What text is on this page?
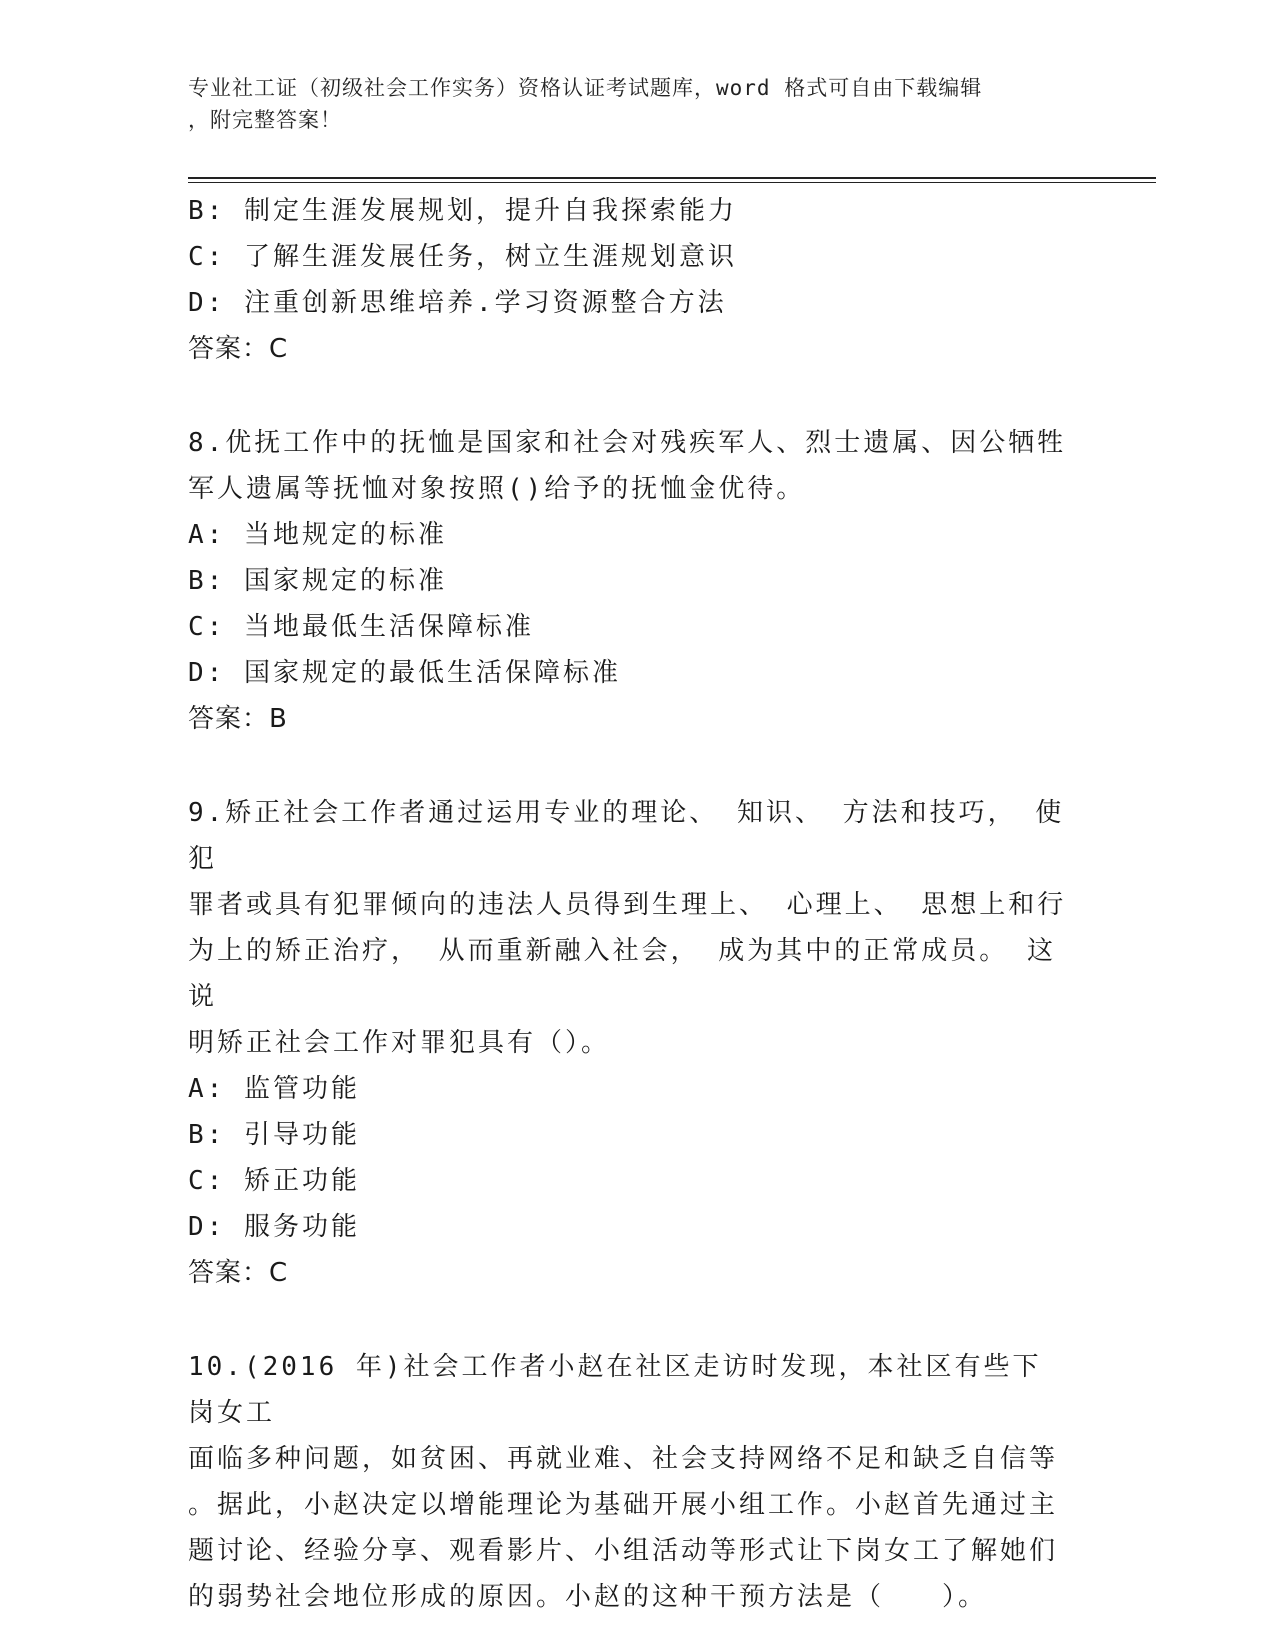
专业社工证（初级社会工作实务）资格认证考试题库，word 格式可自由下载编辑
，附完整答案！
B: 制定生涯发展规划，提升自我探索能力
C: 了解生涯发展任务，树立生涯规划意识
D: 注重创新思维培养.学习资源整合方法
答案：C
8.优抚工作中的抚恤是国家和社会对残疾军人、烈士遗属、因公牺牲
军人遗属等抚恤对象按照()给予的抚恤金优待。
A: 当地规定的标准
B: 国家规定的标准
C: 当地最低生活保障标准
D: 国家规定的最低生活保障标准
答案：B
9.矫正社会工作者通过运用专业的理论、 知识、 方法和技巧， 使犯
罪者或具有犯罪倾向的违法人员得到生理上、 心理上、 思想上和行
为上的矫正治疗， 从而重新融入社会， 成为其中的正常成员。 这说
明矫正社会工作对罪犯具有（）。
A: 监管功能
B: 引导功能
C: 矫正功能
D: 服务功能
答案：C
10.(2016 年)社会工作者小赵在社区走访时发现，本社区有些下岗女工
面临多种问题，如贫困、再就业难、社会支持网络不足和缺乏自信等
。据此，小赵决定以增能理论为基础开展小组工作。小赵首先通过主
题讨论、经验分享、观看影片、小组活动等形式让下岗女工了解她们
的弱势社会地位形成的原因。小赵的这种干预方法是（　　）。
